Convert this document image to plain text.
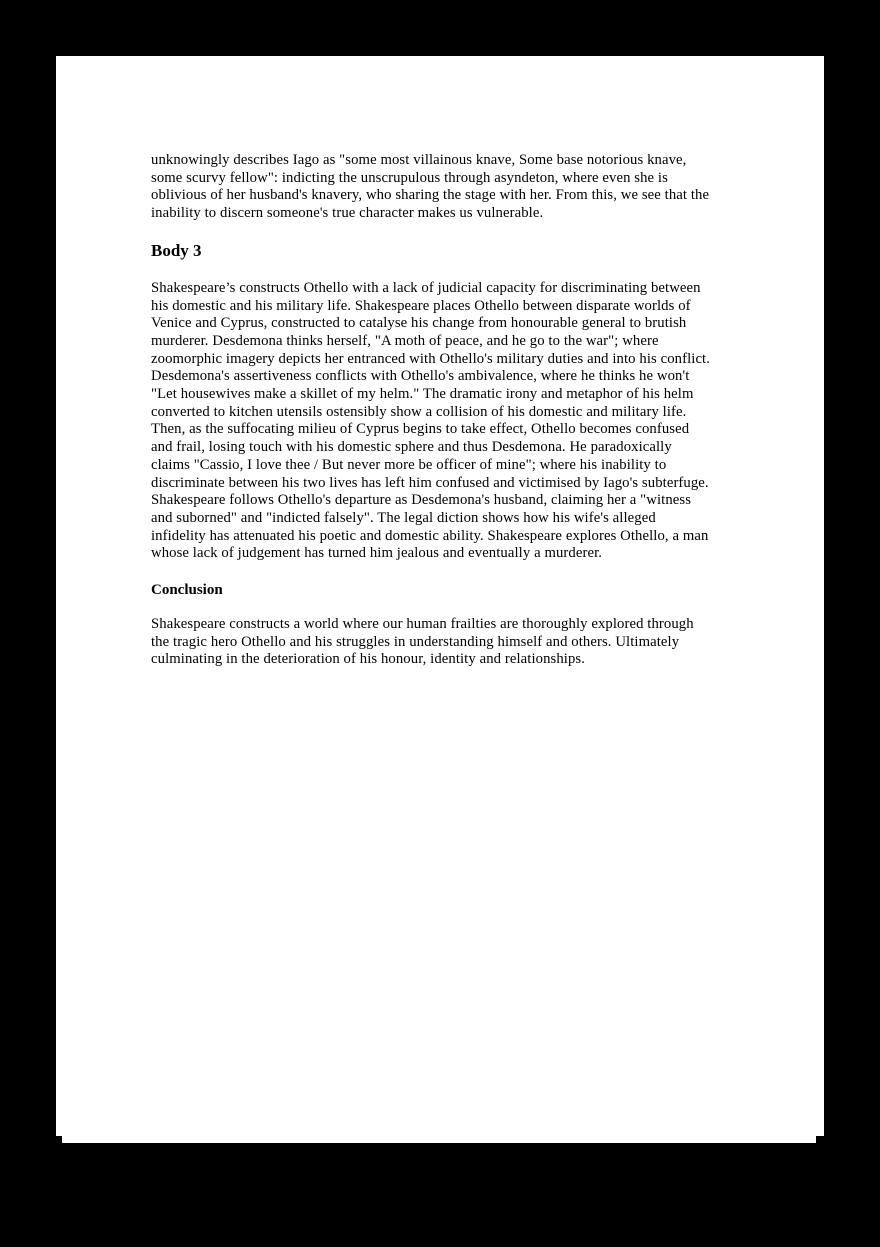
unknowingly describes Iago as "some most villainous knave, Some base notorious knave,
some scurvy fellow": indicting the unscrupulous through asyndeton, where even she is
oblivious of her husband's knavery, who sharing the stage with her. From this, we see that the
inability to discern someone's true character makes us vulnerable.
Body 3
Shakespeare’s constructs Othello with a lack of judicial capacity for discriminating between
his domestic and his military life. Shakespeare places Othello between disparate worlds of
Venice and Cyprus, constructed to catalyse his change from honourable general to brutish
murderer. Desdemona thinks herself, "A moth of peace, and he go to the war"; where
zoomorphic imagery depicts her entranced with Othello's military duties and into his conflict.
Desdemona's assertiveness conflicts with Othello's ambivalence, where he thinks he won't
"Let housewives make a skillet of my helm." The dramatic irony and metaphor of his helm
converted to kitchen utensils ostensibly show a collision of his domestic and military life.
Then, as the suffocating milieu of Cyprus begins to take effect, Othello becomes confused
and frail, losing touch with his domestic sphere and thus Desdemona. He paradoxically
claims "Cassio, I love thee / But never more be officer of mine"; where his inability to
discriminate between his two lives has left him confused and victimised by Iago's subterfuge.
Shakespeare follows Othello's departure as Desdemona's husband, claiming her a "witness
and suborned" and "indicted falsely". The legal diction shows how his wife's alleged
infidelity has attenuated his poetic and domestic ability. Shakespeare explores Othello, a man
whose lack of judgement has turned him jealous and eventually a murderer.
Conclusion
Shakespeare constructs a world where our human frailties are thoroughly explored through
the tragic hero Othello and his struggles in understanding himself and others. Ultimately
culminating in the deterioration of his honour, identity and relationships.
